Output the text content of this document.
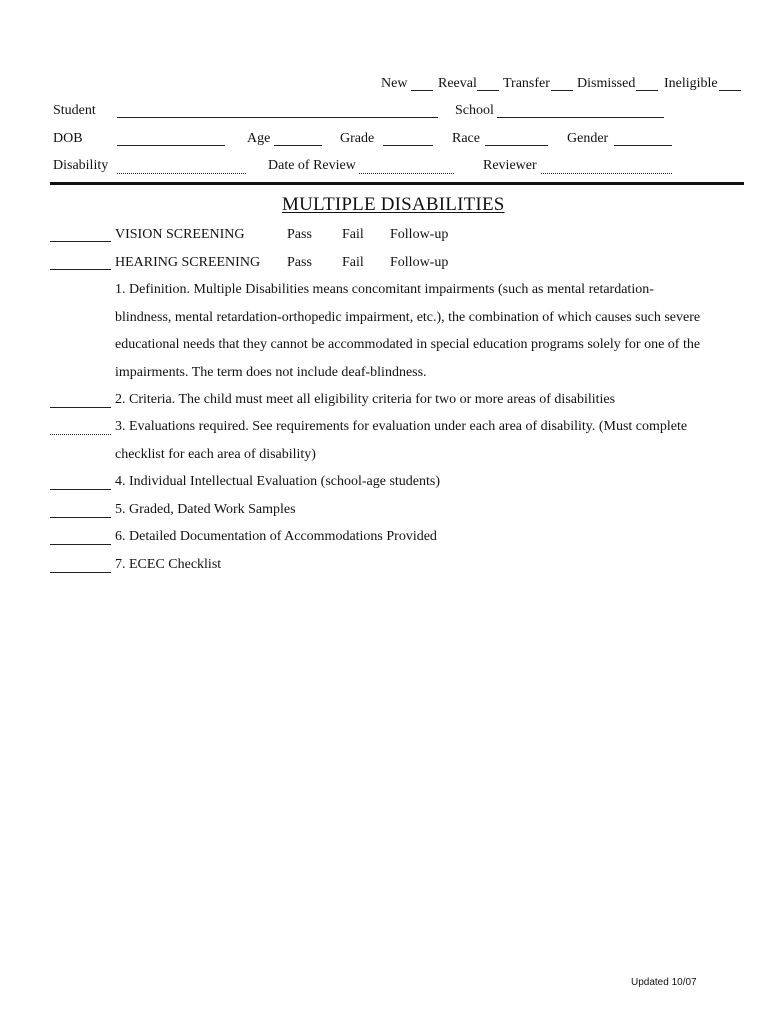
New Reeval Transfer Dismissed Ineligible
Student	School
DOB	Age	Grade	Race	Gender
Disability	Date of Review	Reviewer
MULTIPLE DISABILITIES
VISION SCREENING	Pass Fail Follow-up
HEARING SCREENING Pass Fail Follow-up
1. Definition. Multiple Disabilities means concomitant impairments (such as mental retardation-
blindness, mental retardation-orthopedic impairment, etc.), the combination of which causes such severe
educational needs that they cannot be accommodated in special education programs solely for one of the
impairments. The term does not include deaf-blindness.
2. Criteria. The child must meet all eligibility criteria for two or more areas of disabilities
3. Evaluations required. See requirements for evaluation under each area of disability. (Must complete
checklist for each area of disability)
4. Individual Intellectual Evaluation (school-age students)
5. Graded, Dated Work Samples
6. Detailed Documentation of Accommodations Provided
7. ECEC Checklist
Updated 10/07
